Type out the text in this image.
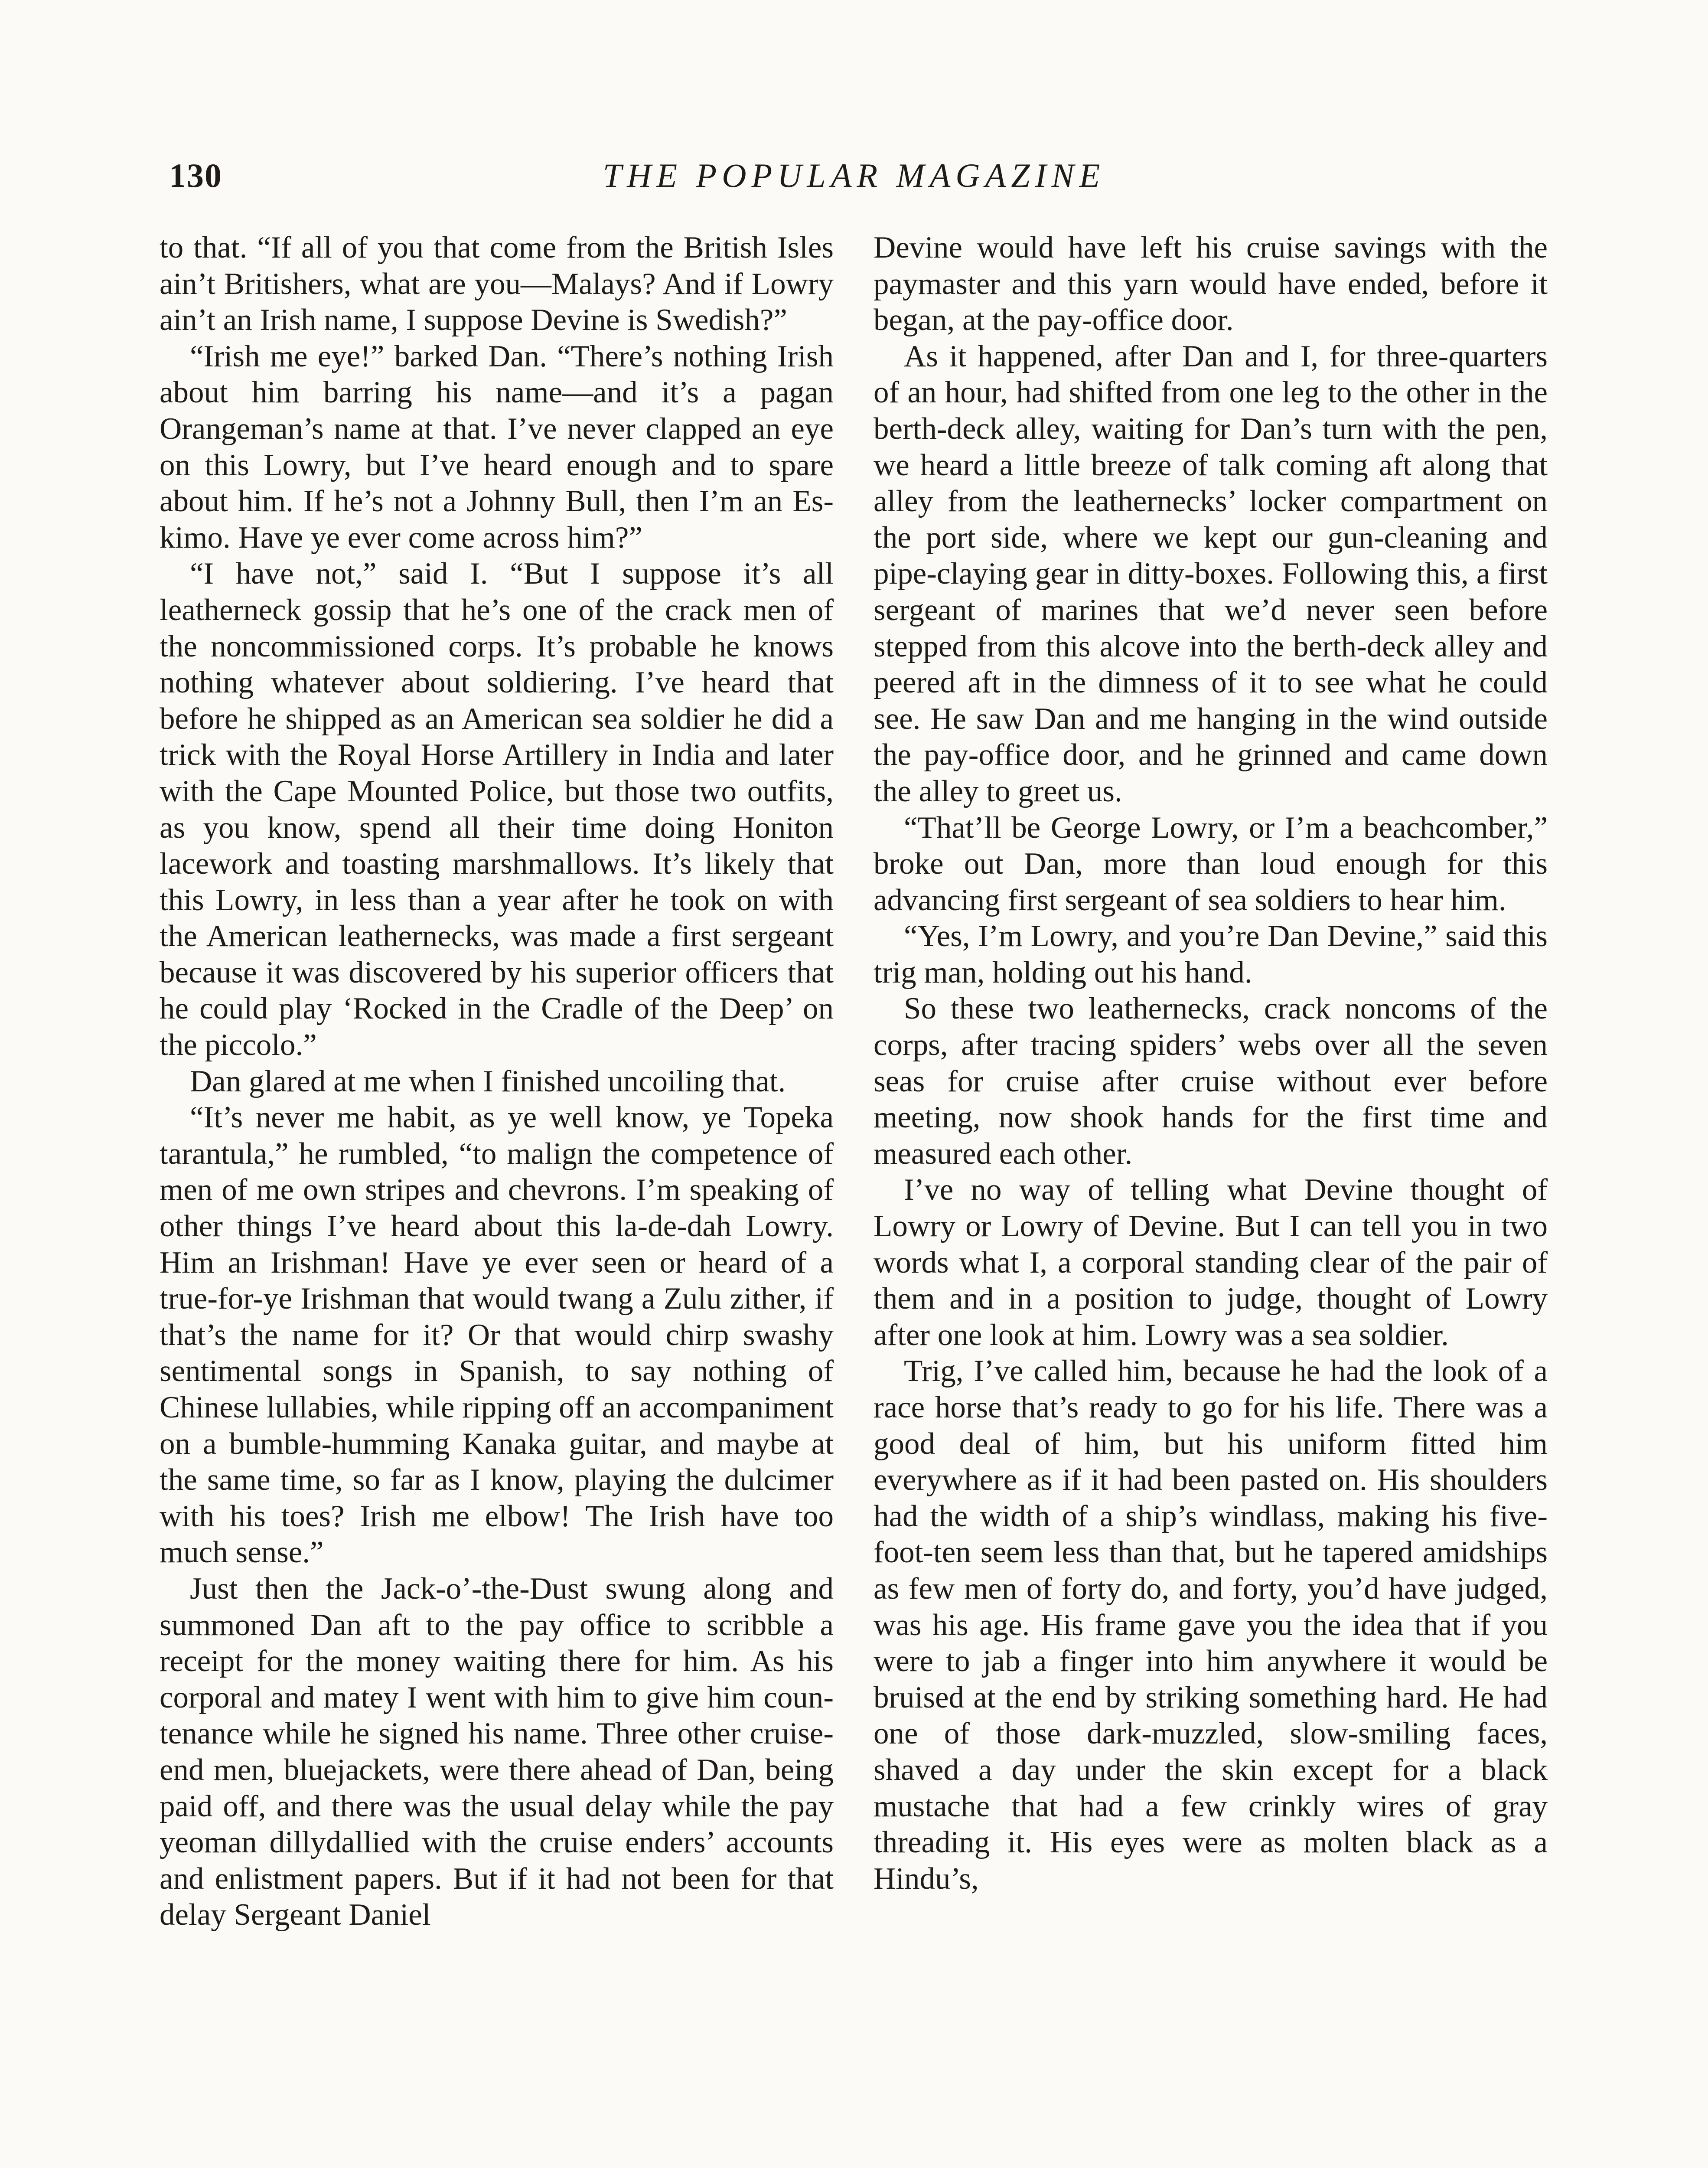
130	THE POPULAR MAGAZINE

to that. “If all of you that come from the British Isles ain’t Britishers, what are you—Malays? And if Lowry ain’t an Irish name, I suppose Devine is Swedish?”

“Irish me eye!” barked Dan. “There’s nothing Irish about him barring his name—and it’s a pagan Orangeman’s name at that. I’ve never clapped an eye on this Lowry, but I’ve heard enough and to spare about him. If he’s not a Johnny Bull, then I’m an Eskimo. Have ye ever come across him?”

“I have not,” said I. “But I suppose it’s all leatherneck gossip that he’s one of the crack men of the noncommissioned corps. It’s probable he knows nothing whatever about soldiering. I’ve heard that before he shipped as an American sea soldier he did a trick with the Royal Horse Artillery in India and later with the Cape Mounted Police, but those two outfits, as you know, spend all their time doing Honiton lacework and toasting marshmallows. It’s likely that this Lowry, in less than a year after he took on with the American leathernecks, was made a first sergeant because it was discovered by his superior officers that he could play ‘Rocked in the Cradle of the Deep’ on the piccolo.”

Dan glared at me when I finished uncoiling that.

“It’s never me habit, as ye well know, ye Topeka tarantula,” he rumbled, “to malign the competence of men of me own stripes and chevrons. I’m speaking of other things I’ve heard about this la-de-dah Lowry. Him an Irishman! Have ye ever seen or heard of a true-for-ye Irishman that would twang a Zulu zither, if that’s the name for it? Or that would chirp swashy sentimental songs in Spanish, to say nothing of Chinese lullabies, while ripping off an accompaniment on a bumble-humming Kanaka guitar, and maybe at the same time, so far as I know, playing the dulcimer with his toes? Irish me elbow! The Irish have too much sense.”

Just then the Jack-o’-the-Dust swung along and summoned Dan aft to the pay office to scribble a receipt for the money waiting there for him. As his corporal and matey I went with him to give him countenance while he signed his name. Three other cruise-end men, bluejackets, were there ahead of Dan, being paid off, and there was the usual delay while the pay yeoman dillydallied with the cruise enders’ accounts and enlistment papers. But if it had not been for that delay Sergeant Daniel

Devine would have left his cruise savings with the paymaster and this yarn would have ended, before it began, at the pay-office door.

As it happened, after Dan and I, for three-quarters of an hour, had shifted from one leg to the other in the berth-deck alley, waiting for Dan’s turn with the pen, we heard a little breeze of talk coming aft along that alley from the leathernecks’ locker compartment on the port side, where we kept our gun-cleaning and pipe-claying gear in ditty-boxes. Following this, a first sergeant of marines that we’d never seen before stepped from this alcove into the berth-deck alley and peered aft in the dimness of it to see what he could see. He saw Dan and me hanging in the wind outside the pay-office door, and he grinned and came down the alley to greet us.

“That’ll be George Lowry, or I’m a beachcomber,” broke out Dan, more than loud enough for this advancing first sergeant of sea soldiers to hear him.

“Yes, I’m Lowry, and you’re Dan Devine,” said this trig man, holding out his hand.

So these two leathernecks, crack noncoms of the corps, after tracing spiders’ webs over all the seven seas for cruise after cruise without ever before meeting, now shook hands for the first time and measured each other.

I’ve no way of telling what Devine thought of Lowry or Lowry of Devine. But I can tell you in two words what I, a corporal standing clear of the pair of them and in a position to judge, thought of Lowry after one look at him. Lowry was a sea soldier.

Trig, I’ve called him, because he had the look of a race horse that’s ready to go for his life. There was a good deal of him, but his uniform fitted him everywhere as if it had been pasted on. His shoulders had the width of a ship’s windlass, making his five-foot-ten seem less than that, but he tapered amidships as few men of forty do, and forty, you’d have judged, was his age. His frame gave you the idea that if you were to jab a finger into him anywhere it would be bruised at the end by striking something hard. He had one of those dark-muzzled, slow-smiling faces, shaved a day under the skin except for a black mustache that had a few crinkly wires of gray threading it. His eyes were as molten black as a Hindu’s,
